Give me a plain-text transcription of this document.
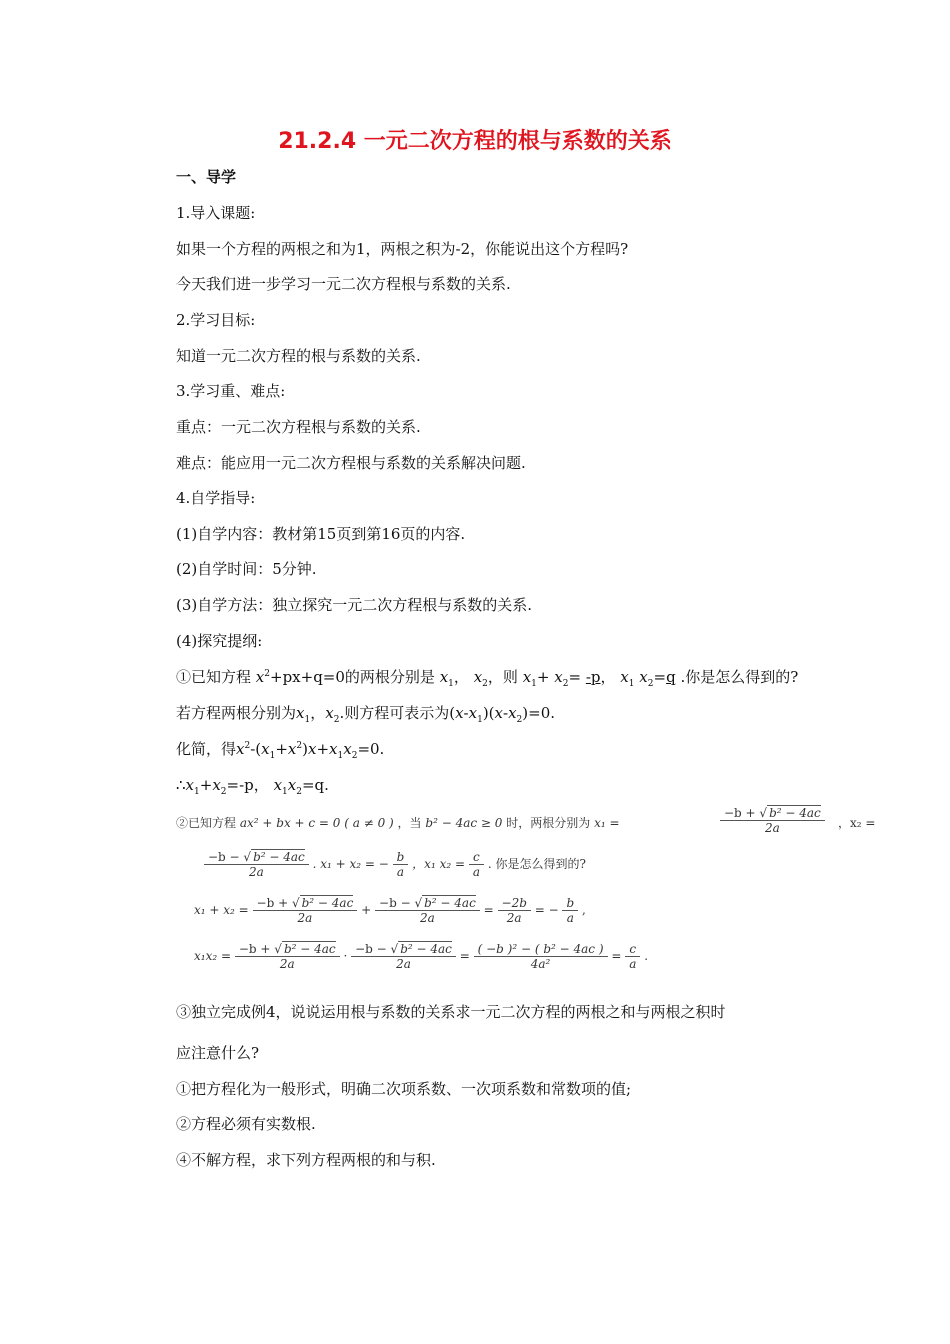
21.2.4 一元二次方程的根与系数的关系
一、导学
1.导入课题:
如果一个方程的两根之和为1，两根之积为-2，你能说出这个方程吗?
今天我们进一步学习一元二次方程根与系数的关系.
2.学习目标:
知道一元二次方程的根与系数的关系.
3.学习重、难点:
重点：一元二次方程根与系数的关系.
难点：能应用一元二次方程根与系数的关系解决问题.
4.自学指导:
(1)自学内容：教材第15页到第16页的内容.
(2)自学时间：5分钟.
(3)自学方法：独立探究一元二次方程根与系数的关系.
(4)探究提纲:
①已知方程 $x^2+px+q=0$的两根分别是 $x_1$， $x_2$，则 $x_1+ x_2= -p$， $x_1$ $x_2=q$ .你是怎么得到的?
若方程两根分别为$x_1$，$x_2$.则方程可表示为$(x-x_1)(x-x_2)=0$.
化简，得$x^2-(x_1+x^2)x+x_1x_2=0$.
$\therefore x_1+x_2=-p$， $x_1x_2=q$.
②已知方程 ax² + bx + c = 0 ( a ≠ 0 ) ，当 b² − 4ac ≥ 0 时，两根分别为 x₁ =	$\frac{\text{−b + √ b² − 4ac}}{2a}$ ，x₂ =
$\frac{\text{−b − √ b² − 4ac}}{2a}$ . x₁ + x₂ = − $\frac{b}{a}$ ，x₁ $x_2 = \frac{c}{a}$ . 你是怎么得到的?
$x_1 + x_2 = \frac{\text{−b + √ b² − 4ac}}{2a} + \frac{\text{−b − √ b² − 4ac}}{2a} = \frac{-2b}{2a}$ = − $\frac{b}{a}$ ,
$x_1x_2 = \frac{\text{−b + √ b² − 4ac}}{2a} \cdot \frac{\text{−b − √ b² − 4ac}}{2a} = \frac{\text{( −b )² − ( b² − 4ac )}}{\text{4a²}} = \frac{c}{a}$ .
③独立完成例4，说说运用根与系数的关系求一元二次方程的两根之和与两根之积时
应注意什么?
①把方程化为一般形式，明确二次项系数、一次项系数和常数项的值;
②方程必须有实数根.
④不解方程，求下列方程两根的和与积.
